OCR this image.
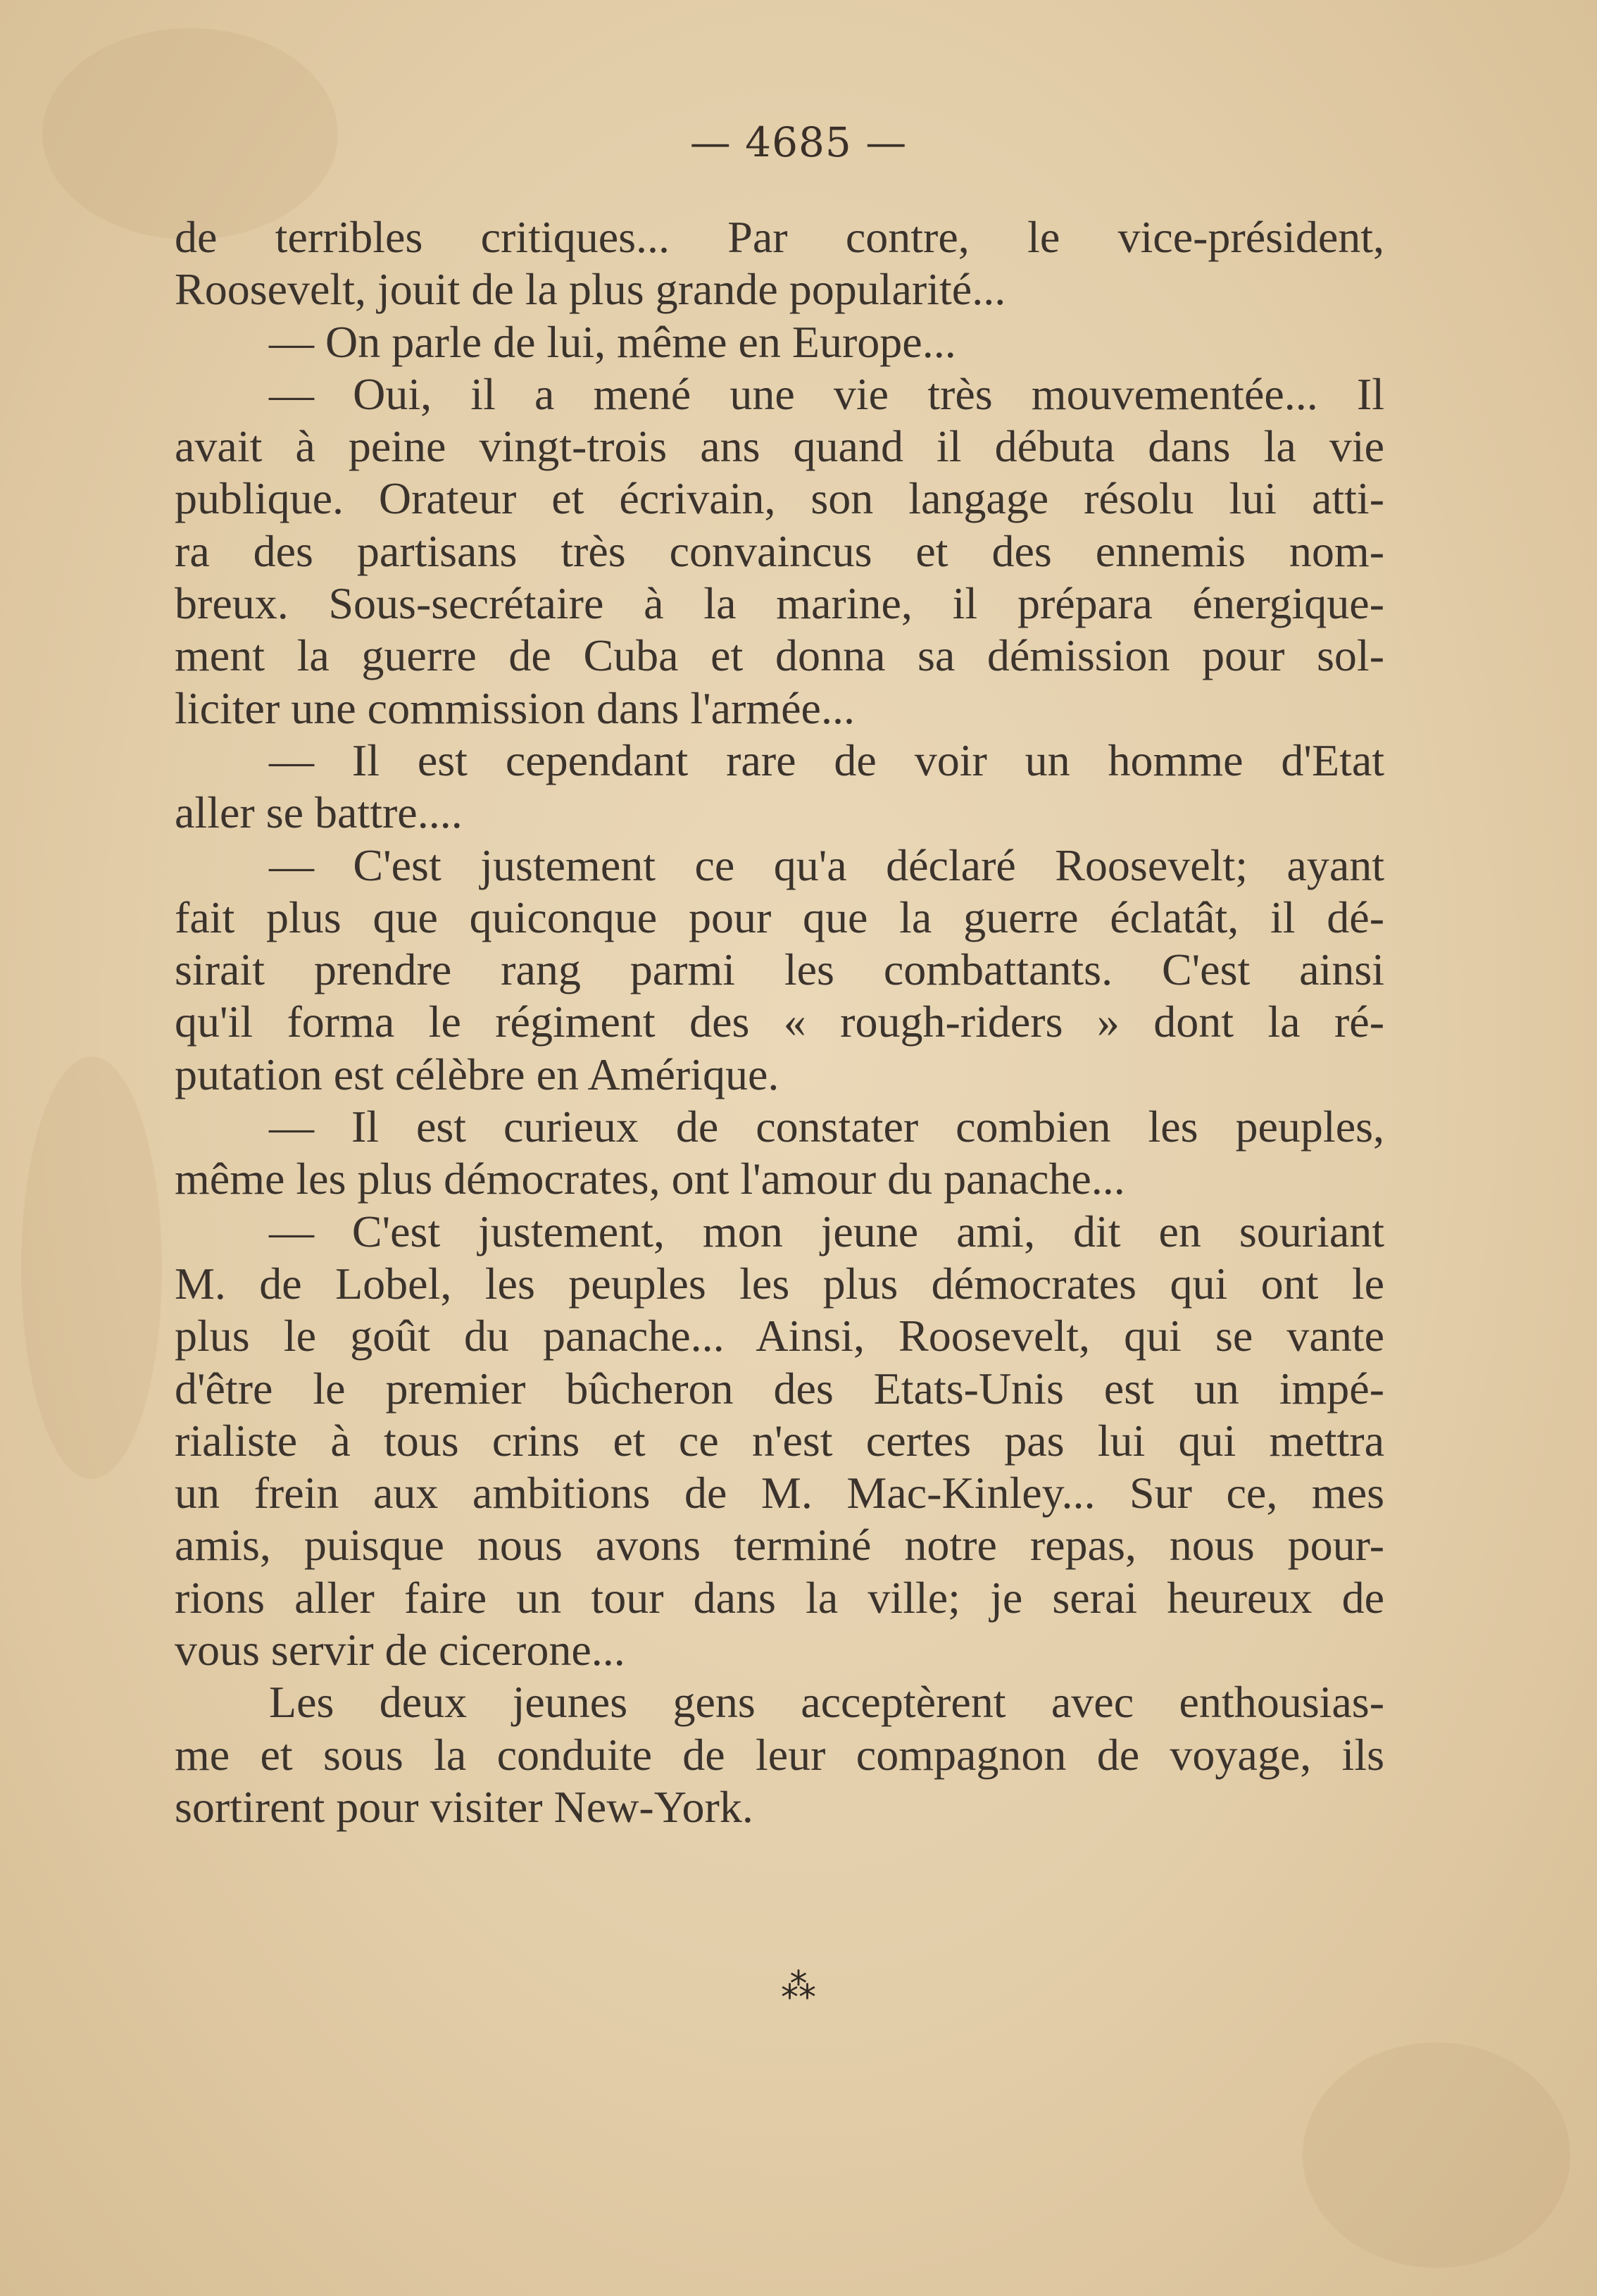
— 4685 —
de terribles critiques... Par contre, le vice-président,
Roosevelt, jouit de la plus grande popularité...
— On parle de lui, même en Europe...
— Oui, il a mené une vie très mouvementée... Il
avait à peine vingt-trois ans quand il débuta dans la vie
publique. Orateur et écrivain, son langage résolu lui atti-
ra des partisans très convaincus et des ennemis nom-
breux. Sous-secrétaire à la marine, il prépara énergique-
ment la guerre de Cuba et donna sa démission pour sol-
liciter une commission dans l'armée...
— Il est cependant rare de voir un homme d'Etat
aller se battre....
— C'est justement ce qu'a déclaré Roosevelt; ayant
fait plus que quiconque pour que la guerre éclatât, il dé-
sirait prendre rang parmi les combattants. C'est ainsi
qu'il forma le régiment des « rough-riders » dont la ré-
putation est célèbre en Amérique.
— Il est curieux de constater combien les peuples,
même les plus démocrates, ont l'amour du panache...
— C'est justement, mon jeune ami, dit en souriant
M. de Lobel, les peuples les plus démocrates qui ont le
plus le goût du panache... Ainsi, Roosevelt, qui se vante
d'être le premier bûcheron des Etats-Unis est un impé-
rialiste à tous crins et ce n'est certes pas lui qui mettra
un frein aux ambitions de M. Mac-Kinley... Sur ce, mes
amis, puisque nous avons terminé notre repas, nous pour-
rions aller faire un tour dans la ville; je serai heureux de
vous servir de cicerone...
Les deux jeunes gens acceptèrent avec enthousias-
me et sous la conduite de leur compagnon de voyage, ils
sortirent pour visiter New-York.
⁂
